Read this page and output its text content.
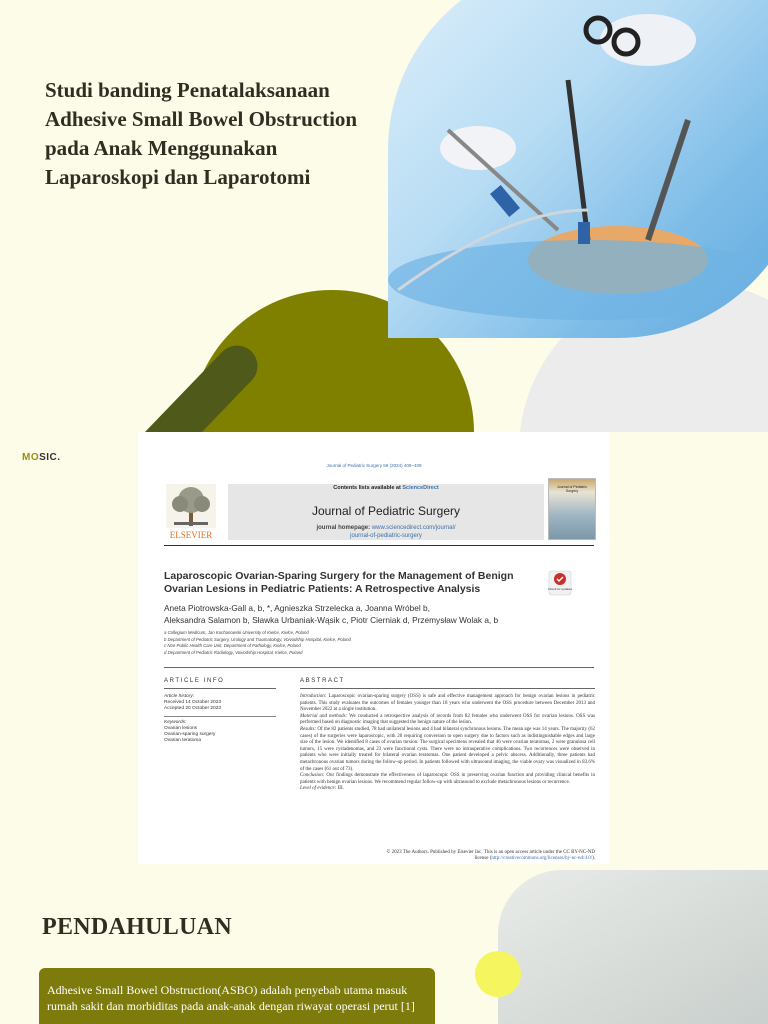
Studi banding Penatalaksanaan Adhesive Small Bowel Obstruction pada Anak Menggunakan Laparoskopi dan Laparotomi
MOSIC.
Journal of Pediatric Surgery 59 (2024) 409−409
ELSEVIER
Contents lists available at ScienceDirect
Journal of Pediatric Surgery
journal homepage: www.sciencedirect.com/journal/
journal-of-pediatric-surgery
Journal of Pediatric Surgery
Laparoscopic Ovarian-Sparing Surgery for the Management of Benign Ovarian Lesions in Pediatric Patients: A Retrospective Analysis	Check for updates
Aneta Piotrowska-Gall a, b, *, Agnieszka Strzelecka a, Joanna Wróbel b,
Aleksandra Salamon b, Sławka Urbaniak-Wąsik c, Piotr Cierniak d, Przemysław Wolak a, b
a Collegium Medicum, Jan Kochanowski University of Kielce, Kielce, Poland
b Department of Pediatric Surgery, Urology and Traumatology, Voivodship Hospital, Kielce, Poland
c Non-Public Health Care Unit, Department of Pathology, Kielce, Poland
d Department of Pediatric Radiology, Voivodship Hospital, Kielce, Poland
ARTICLE INFO	ABSTRACT
Article history:
Received 14 October 2023
Accepted 20 October 2023
Keywords:
Ovarian lesions
Ovarian-sparing surgery
Ovarian teratoma
Introduction: Laparoscopic ovarian-sparing surgery (OSS) is safe and effective management approach for benign ovarian lesions in pediatric patients. This study evaluates the outcomes of females younger than 18 years who underwent the OSS procedure between December 2013 and November 2022 at a single institution.
Material and methods: We conducted a retrospective analysis of records from 82 females who underwent OSS for ovarian lesions. OSS was performed based on diagnostic imaging that suggested the benign nature of the lesion.
Results: Of the 82 patients studied, 78 had unilateral lesions and 4 had bilateral synchronous lesions. The mean age was 14 years. The majority (62 cases) of the surgeries were laparoscopic, with 20 requiring conversion to open surgery due to factors such as indistinguishable edges and large size of the lesion. We identified 8 cases of ovarian torsion. The surgical specimens revealed that 46 were ovarian teratomas, 2 were granulosa cell tumors, 15 were cystadenomas, and 23 were functional cysts. There were no intraoperative complications. Two recurrences were observed in patients who were initially treated for bilateral ovarian teratomas. One patient developed a pelvic abscess. Additionally, three patients had metachronous ovarian tumors during the follow-up period. In patients followed with ultrasound imaging, the viable ovary was visualized in 83.6% of the cases (61 out of 73).
Conclusion: Our findings demonstrate the effectiveness of laparoscopic OSS in preserving ovarian function and providing clinical benefits in patients with benign ovarian lesions. We recommend regular follow-up with ultrasound to exclude metachronous lesions or recurrence.
Level of evidence: III.
© 2023 The Authors. Published by Elsevier Inc. This is an open access article under the CC BY-NC-ND
license (http://creativecommons.org/licenses/by-nc-nd/4.0/).
PENDAHULUAN
Adhesive Small Bowel Obstruction(ASBO) adalah penyebab utama masuk rumah sakit dan morbiditas pada anak-anak dengan riwayat operasi perut [1]
